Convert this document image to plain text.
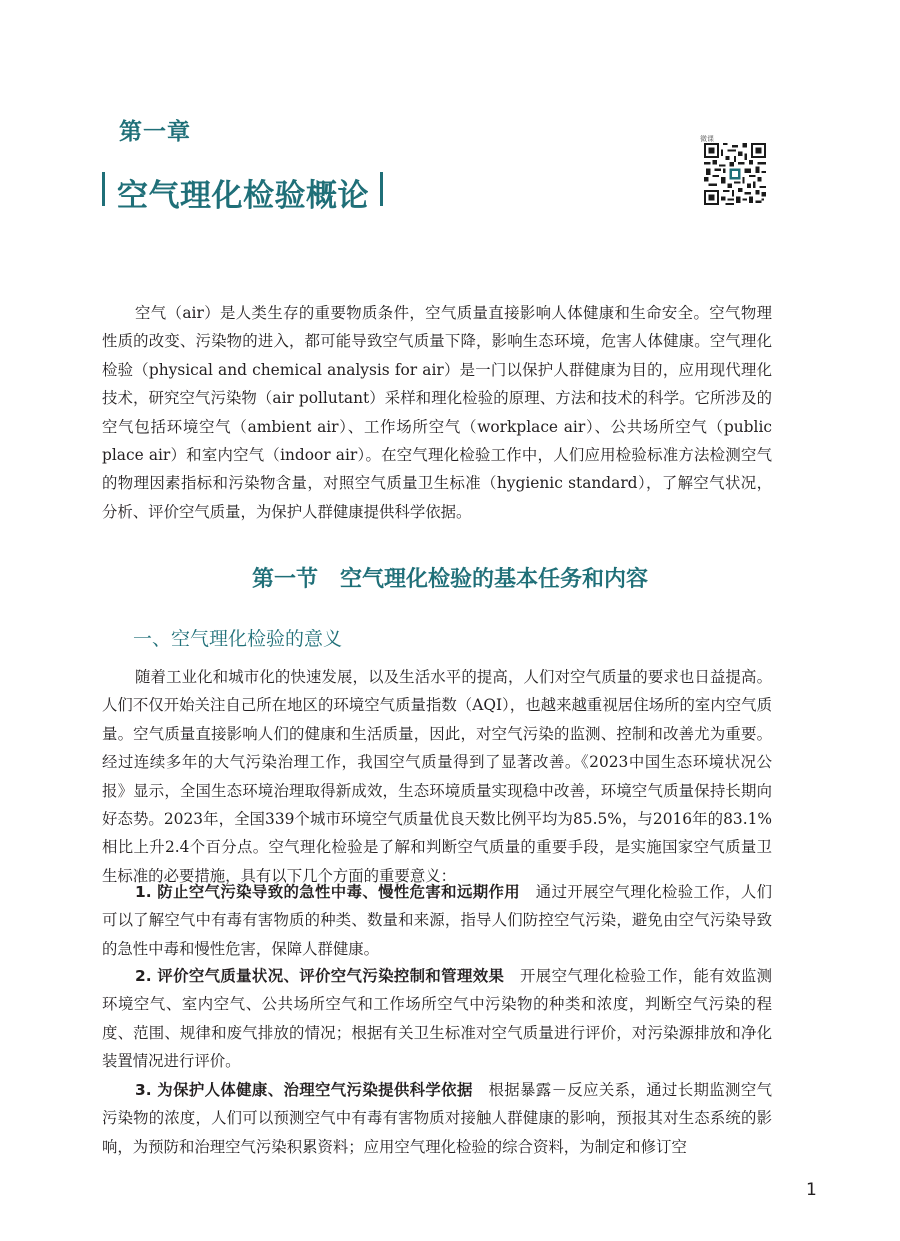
第一章
空气理化检验概论
微课

空气（air）是人类生存的重要物质条件，空气质量直接影响人体健康和生命安全。空气物理性质的改变、污染物的进入，都可能导致空气质量下降，影响生态环境，危害人体健康。空气理化检验（physical and chemical analysis for air）是一门以保护人群健康为目的，应用现代理化技术，研究空气污染物（air pollutant）采样和理化检验的原理、方法和技术的科学。它所涉及的空气包括环境空气（ambient air）、工作场所空气（workplace air）、公共场所空气（public place air）和室内空气（indoor air）。在空气理化检验工作中，人们应用检验标准方法检测空气的物理因素指标和污染物含量，对照空气质量卫生标准（hygienic standard），了解空气状况，分析、评价空气质量，为保护人群健康提供科学依据。

第一节　空气理化检验的基本任务和内容
一、空气理化检验的意义

随着工业化和城市化的快速发展，以及生活水平的提高，人们对空气质量的要求也日益提高。人们不仅开始关注自己所在地区的环境空气质量指数（AQI），也越来越重视居住场所的室内空气质量。空气质量直接影响人们的健康和生活质量，因此，对空气污染的监测、控制和改善尤为重要。经过连续多年的大气污染治理工作，我国空气质量得到了显著改善。《2023中国生态环境状况公报》显示，全国生态环境治理取得新成效，生态环境质量实现稳中改善，环境空气质量保持长期向好态势。2023年，全国339个城市环境空气质量优良天数比例平均为85.5%，与2016年的83.1%相比上升2.4个百分点。空气理化检验是了解和判断空气质量的重要手段，是实施国家空气质量卫生标准的必要措施，具有以下几个方面的重要意义：

1. 防止空气污染导致的急性中毒、慢性危害和远期作用　通过开展空气理化检验工作，人们可以了解空气中有毒有害物质的种类、数量和来源，指导人们防控空气污染，避免由空气污染导致的急性中毒和慢性危害，保障人群健康。

2. 评价空气质量状况、评价空气污染控制和管理效果　开展空气理化检验工作，能有效监测环境空气、室内空气、公共场所空气和工作场所空气中污染物的种类和浓度，判断空气污染的程度、范围、规律和废气排放的情况；根据有关卫生标准对空气质量进行评价，对污染源排放和净化装置情况进行评价。

3. 为保护人体健康、治理空气污染提供科学依据　根据暴露－反应关系，通过长期监测空气污染物的浓度，人们可以预测空气中有毒有害物质对接触人群健康的影响，预报其对生态系统的影响，为预防和治理空气污染积累资料；应用空气理化检验的综合资料，为制定和修订空

1
